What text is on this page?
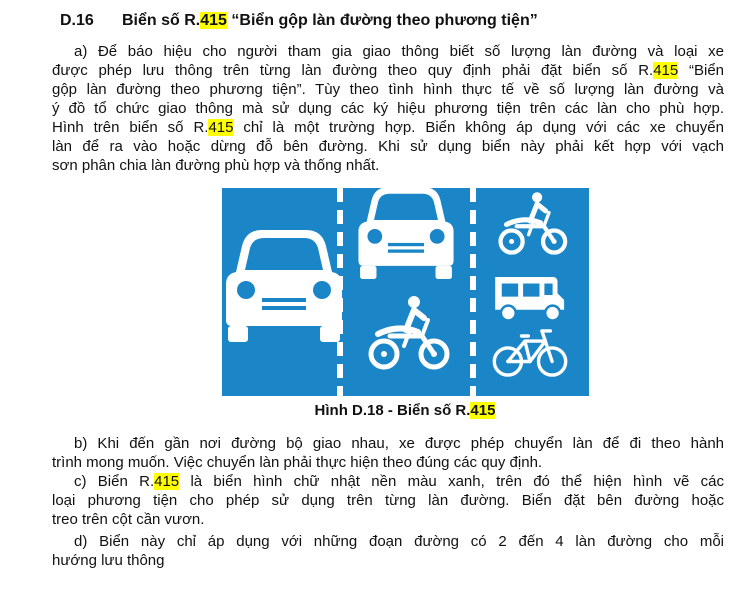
D.16 Biển số R.415 “Biển gộp làn đường theo phương tiện”
a) Để báo hiệu cho người tham gia giao thông biết số lượng làn đường và loại xe
được phép lưu thông trên từng làn đường theo quy định phải đặt biển số R.415 “Biển
gộp làn đường theo phương tiện”. Tùy theo tình hình thực tế về số lượng làn đường và
ý đồ tổ chức giao thông mà sử dụng các ký hiệu phương tiện trên các làn cho phù hợp.
Hình trên biển số R.415 chỉ là một trường hợp. Biển không áp dụng với các xe chuyển
làn để ra vào hoặc dừng đỗ bên đường. Khi sử dụng biển này phải kết hợp với vạch
sơn phân chia làn đường phù hợp và thống nhất.
Hình D.18 - Biển số R.415
b) Khi đến gần nơi đường bộ giao nhau, xe được phép chuyển làn để đi theo hành
trình mong muốn. Việc chuyển làn phải thực hiện theo đúng các quy định.
c) Biển R.415 là biển hình chữ nhật nền màu xanh, trên đó thể hiện hình vẽ các
loại phương tiện cho phép sử dụng trên từng làn đường. Biển đặt bên đường hoặc
treo trên cột cần vươn.
d) Biển này chỉ áp dụng với những đoạn đường có 2 đến 4 làn đường cho mỗi
hướng lưu thông
